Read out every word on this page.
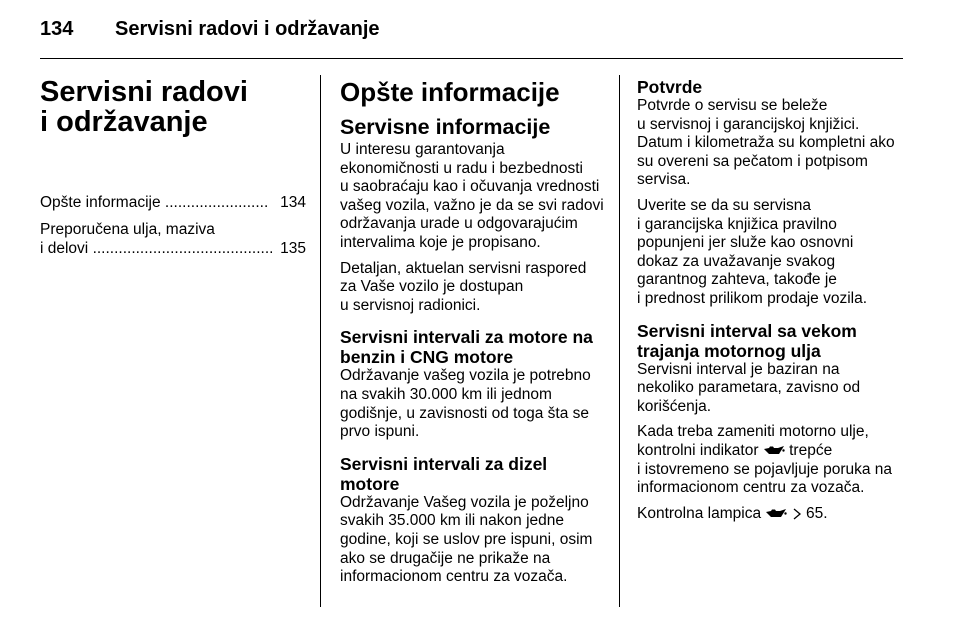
134 Servisni radovi i održavanje
Servisni radovi
i održavanje
Opšte informacije ........................ 134
Preporučena ulja, maziva
i delovi .......................................... 135
Opšte informacije
Servisne informacije

U interesu garantovanja
ekonomičnosti u radu i bezbednosti
u saobraćaju kao i očuvanja vrednosti
vašeg vozila, važno je da se svi radovi
održavanja urade u odgovarajućim
intervalima koje je propisano.

Detaljan, aktuelan servisni raspored
za Vaše vozilo je dostupan
u servisnoj radionici.

Servisni intervali za motore na benzin i CNG motore

Održavanje vašeg vozila je potrebno
na svakih 30.000 km ili jednom
godišnje, u zavisnosti od toga šta se
prvo ispuni.

Servisni intervali za dizel motore

Održavanje Vašeg vozila je poželjno
svakih 35.000 km ili nakon jedne
godine, koji se uslov pre ispuni, osim
ako se drugačije ne prikaže na
informacionom centru za vozača.

Potvrde

Potvrde o servisu se beleže
u servisnoj i garancijskoj knjižici.
Datum i kilometraža su kompletni ako
su overeni sa pečatom i potpisom
servisa.

Uverite se da su servisna
i garancijska knjižica pravilno
popunjeni jer služe kao osnovni
dokaz za uvažavanje svakog
garantnog zahteva, takođe je
i prednost prilikom prodaje vozila.

Servisni interval sa vekom trajanja motornog ulja

Servisni interval je baziran na
nekoliko parametara, zavisno od
korišćenja.

Kada treba zameniti motorno ulje,
kontrolni indikator trepće
i istovremeno se pojavljuje poruka na
informacionom centru za vozača.

Kontrolna lampica	65.
